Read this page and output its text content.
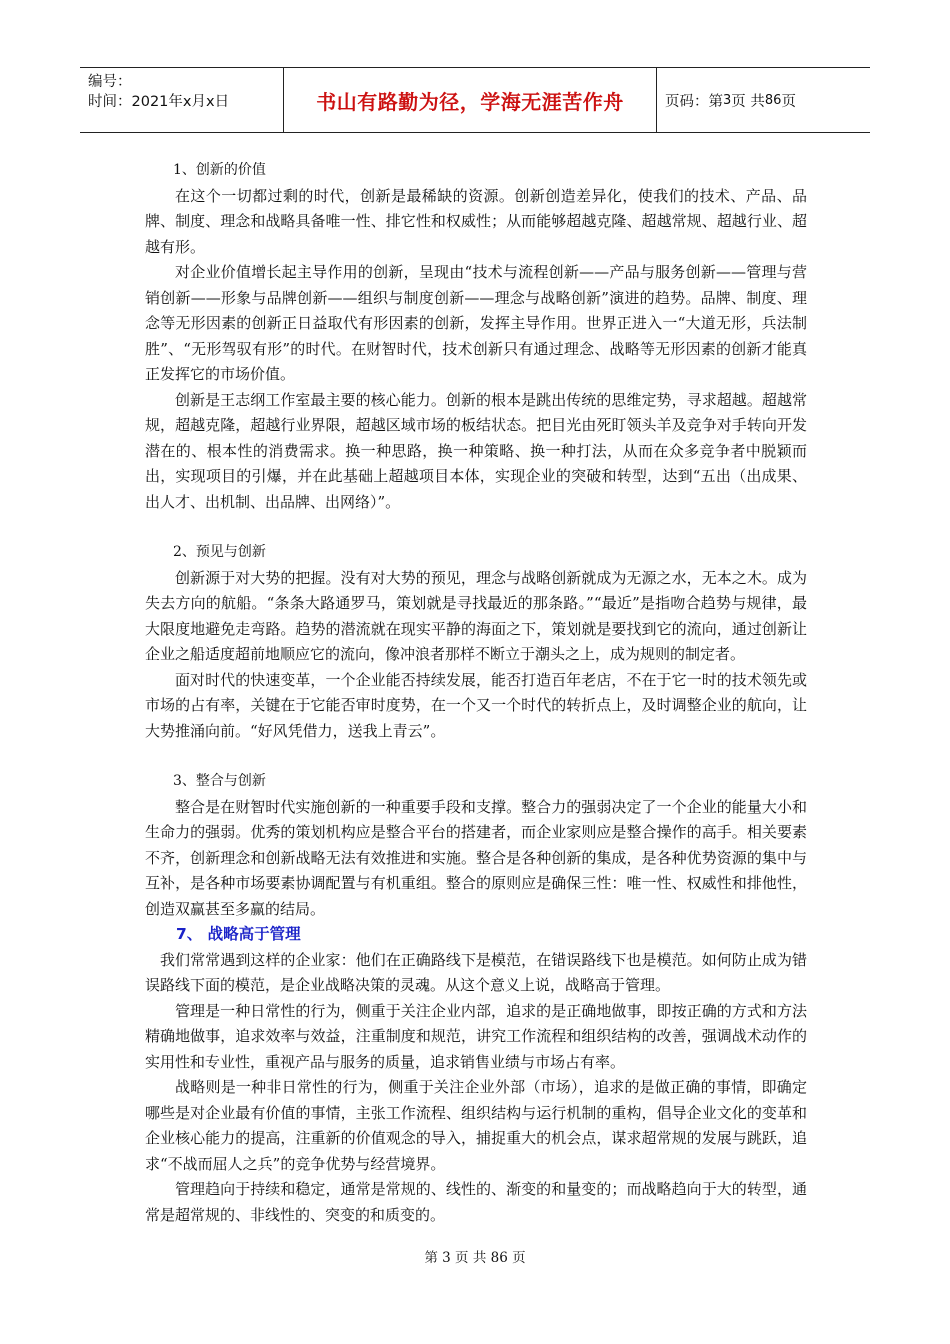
编号：
时间：2021年x月x日	书山有路勤为径，学海无涯苦作舟	页码：第 3 页 共 86 页

1、创新的价值

在这个一切都过剩的时代，创新是最稀缺的资源。创新创造差异化，使我们的技术、产品、品牌、制度、理念和战略具备唯一性、排它性和权威性；从而能够超越克隆、超越常规、超越行业、超越有形。

对企业价值增长起主导作用的创新，呈现由“技术与流程创新——产品与服务创新——管理与营销创新——形象与品牌创新——组织与制度创新——理念与战略创新”演进的趋势。品牌、制度、理念等无形因素的创新正日益取代有形因素的创新，发挥主导作用。世界正进入一“大道无形，兵法制胜”、“无形驾驭有形”的时代。在财智时代，技术创新只有通过理念、战略等无形因素的创新才能真正发挥它的市场价值。

创新是王志纲工作室最主要的核心能力。创新的根本是跳出传统的思维定势，寻求超越。超越常规，超越克隆，超越行业界限，超越区域市场的板结状态。把目光由死盯领头羊及竞争对手转向开发潜在的、根本性的消费需求。换一种思路，换一种策略、换一种打法，从而在众多竞争者中脱颖而出，实现项目的引爆，并在此基础上超越项目本体，实现企业的突破和转型，达到“五出（出成果、出人才、出机制、出品牌、出网络）”。

2、预见与创新

创新源于对大势的把握。没有对大势的预见，理念与战略创新就成为无源之水，无本之木。成为失去方向的航船。“条条大路通罗马，策划就是寻找最近的那条路。”“最近”是指吻合趋势与规律，最大限度地避免走弯路。趋势的潜流就在现实平静的海面之下，策划就是要找到它的流向，通过创新让企业之船适度超前地顺应它的流向，像冲浪者那样不断立于潮头之上，成为规则的制定者。

面对时代的快速变革，一个企业能否持续发展，能否打造百年老店，不在于它一时的技术领先或市场的占有率，关键在于它能否审时度势，在一个又一个时代的转折点上，及时调整企业的航向，让大势推涌向前。“好风凭借力，送我上青云”。

3、整合与创新

整合是在财智时代实施创新的一种重要手段和支撑。整合力的强弱决定了一个企业的能量大小和生命力的强弱。优秀的策划机构应是整合平台的搭建者，而企业家则应是整合操作的高手。相关要素不齐，创新理念和创新战略无法有效推进和实施。整合是各种创新的集成，是各种优势资源的集中与互补，是各种市场要素协调配置与有机重组。整合的原则应是确保三性：唯一性、权威性和排他性，创造双赢甚至多赢的结局。

7、 战略高于管理

我们常常遇到这样的企业家：他们在正确路线下是模范，在错误路线下也是模范。如何防止成为错误路线下面的模范，是企业战略决策的灵魂。从这个意义上说，战略高于管理。

管理是一种日常性的行为，侧重于关注企业内部，追求的是正确地做事，即按正确的方式和方法精确地做事，追求效率与效益，注重制度和规范，讲究工作流程和组织结构的改善，强调战术动作的实用性和专业性，重视产品与服务的质量，追求销售业绩与市场占有率。

战略则是一种非日常性的行为，侧重于关注企业外部（市场），追求的是做正确的事情，即确定哪些是对企业最有价值的事情，主张工作流程、组织结构与运行机制的重构，倡导企业文化的变革和企业核心能力的提高，注重新的价值观念的导入，捕捉重大的机会点，谋求超常规的发展与跳跃，追求“不战而屈人之兵”的竞争优势与经营境界。

管理趋向于持续和稳定，通常是常规的、线性的、渐变的和量变的；而战略趋向于大的转型，通常是超常规的、非线性的、突变的和质变的。

第 3 页 共 86 页
